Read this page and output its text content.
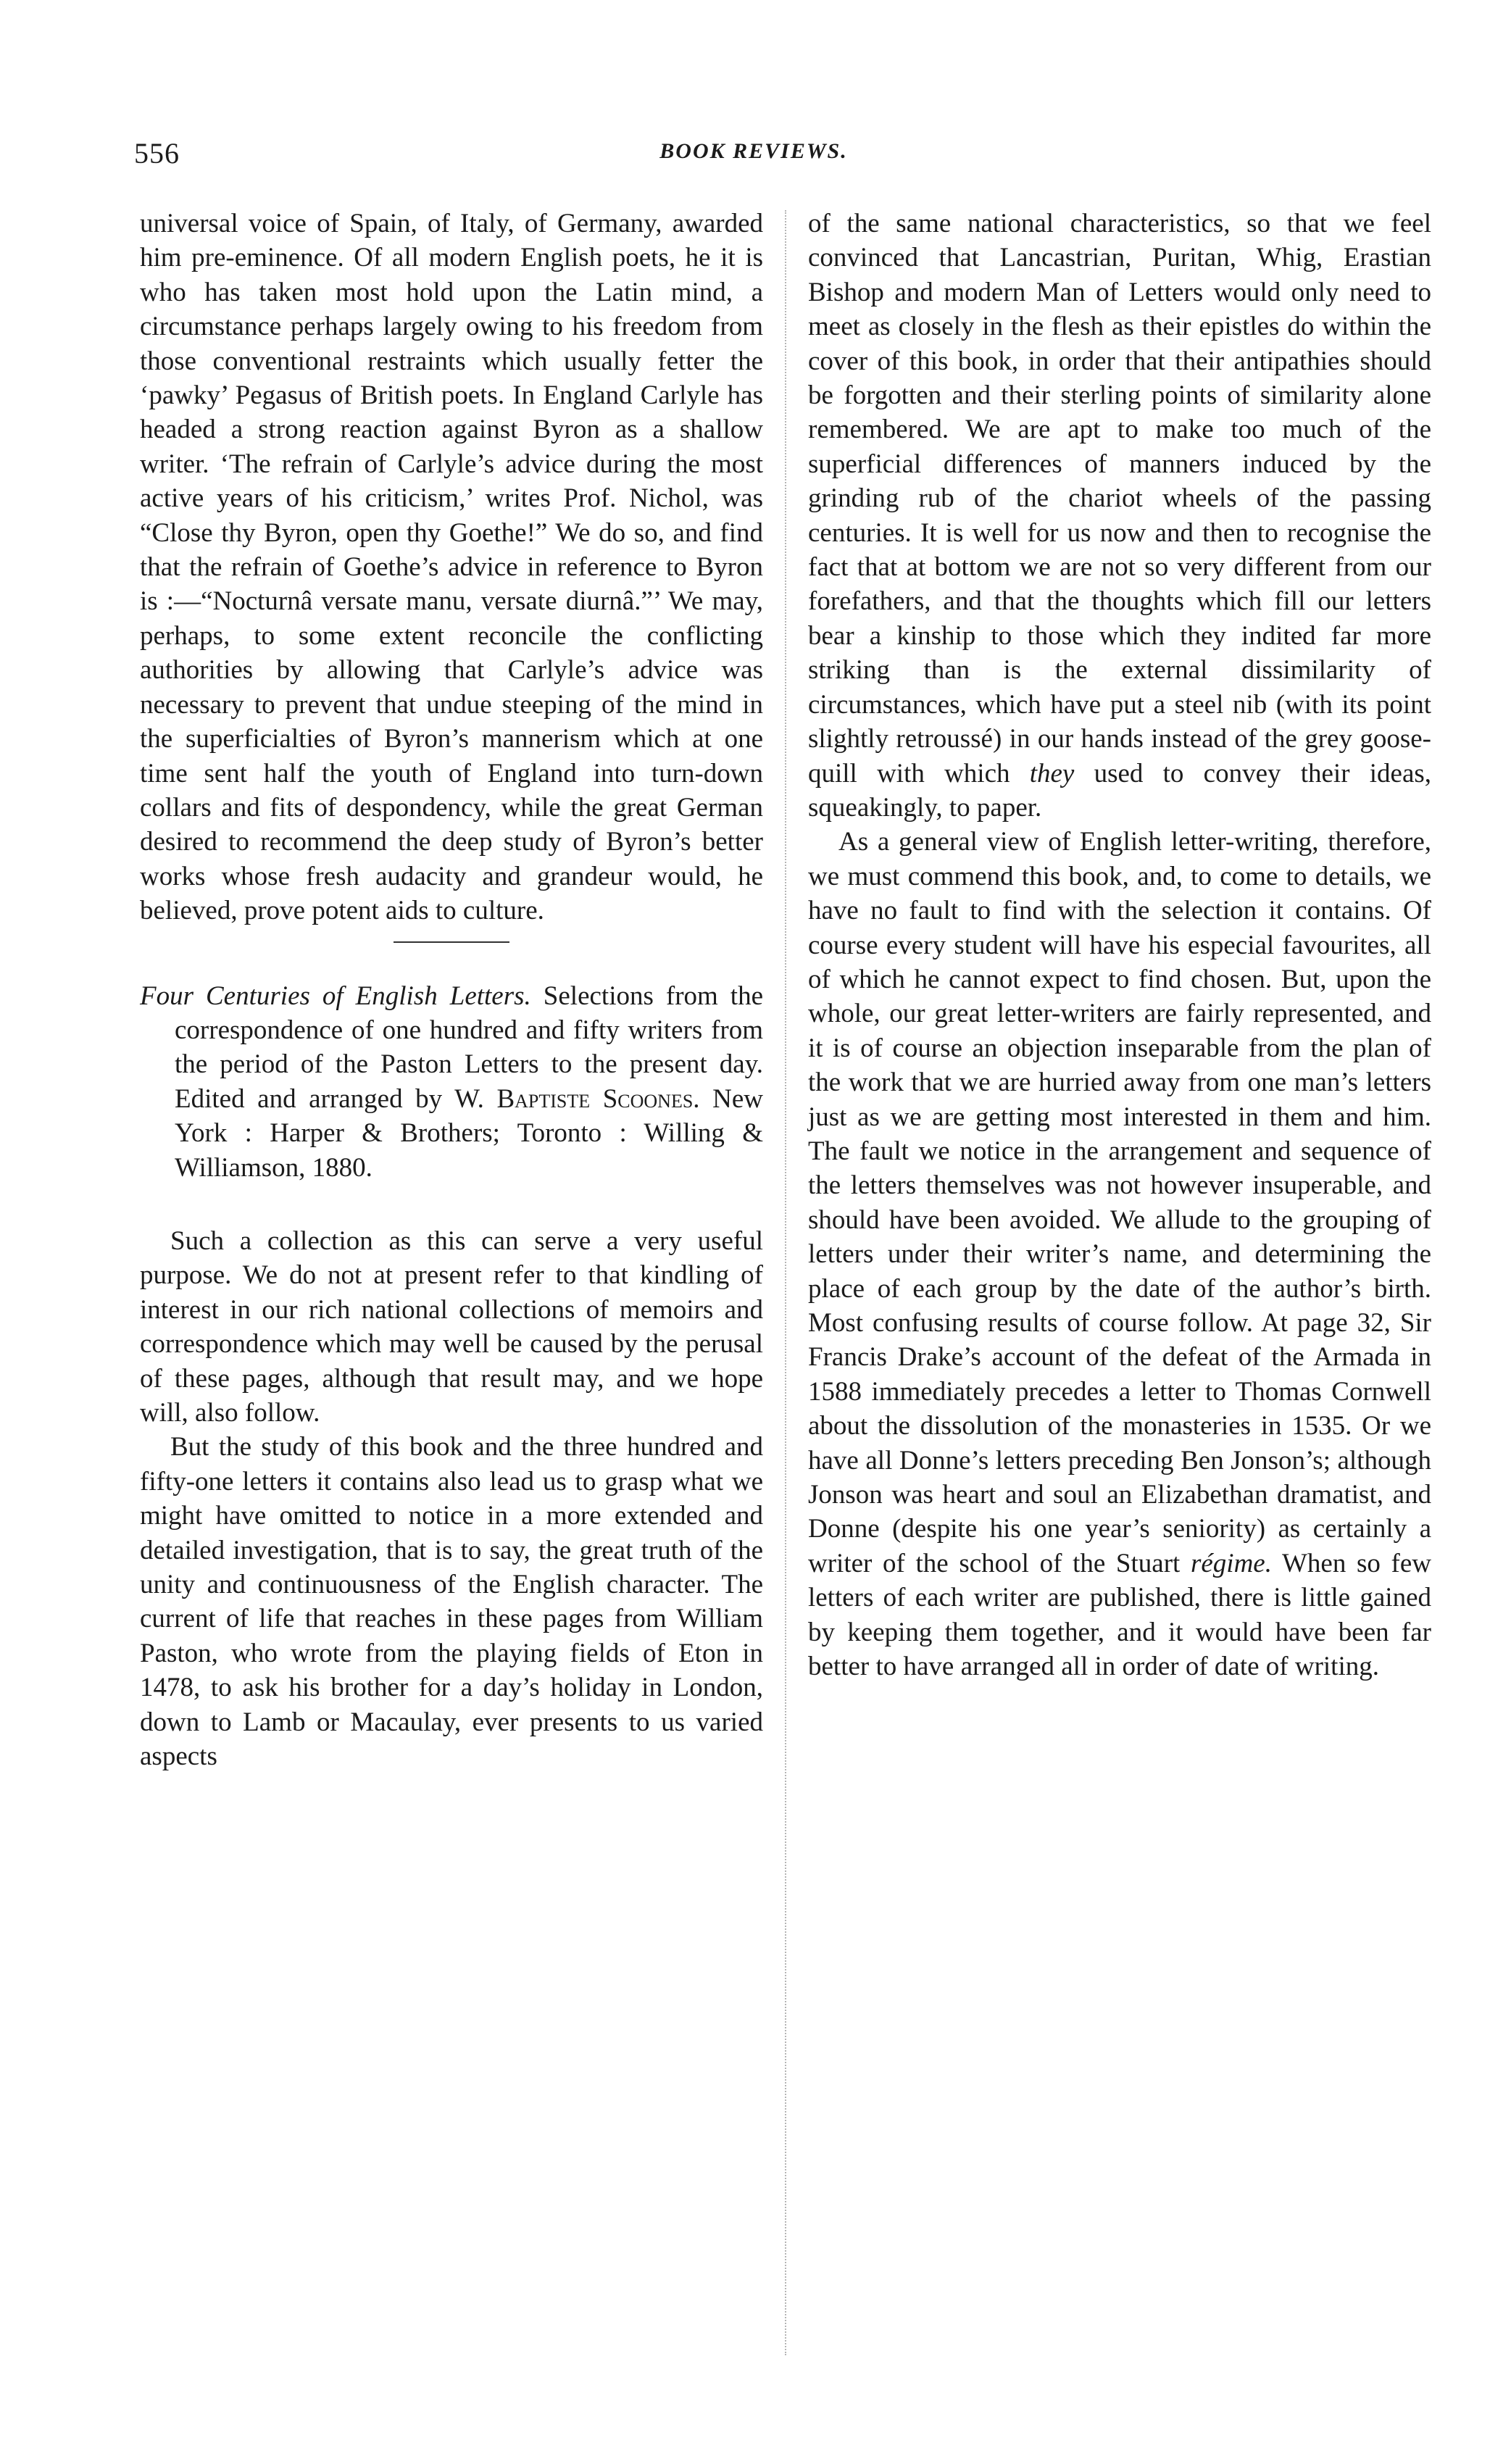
556	BOOK REVIEWS.

universal voice of Spain, of Italy, of Germany, awarded him pre-eminence. Of all modern English poets, he it is who has taken most hold upon the Latin mind, a circumstance perhaps largely owing to his freedom from those conventional restraints which usually fetter the ‘pawky’ Pegasus of British poets. In England Carlyle has headed a strong reaction against Byron as a shallow writer. ‘The refrain of Carlyle’s advice during the most active years of his criticism,’ writes Prof. Nichol, was “Close thy Byron, open thy Goethe!” We do so, and find that the refrain of Goethe’s advice in reference to Byron is :—“Nocturnâ versate manu, versate diurnâ.”’ We may, perhaps, to some extent reconcile the conflicting authorities by allowing that Carlyle’s advice was necessary to prevent that undue steeping of the mind in the superficialties of Byron’s mannerism which at one time sent half the youth of England into turn-down collars and fits of despondency, while the great German desired to recommend the deep study of Byron’s better works whose fresh audacity and grandeur would, he believed, prove potent aids to culture.

Four Centuries of English Letters. Selections from the correspondence of one hundred and fifty writers from the period of the Paston Letters to the present day. Edited and arranged by W. Baptiste Scoones. New York : Harper & Brothers; Toronto : Willing & Williamson, 1880.

Such a collection as this can serve a very useful purpose. We do not at present refer to that kindling of interest in our rich national collections of memoirs and correspondence which may well be caused by the perusal of these pages, although that result may, and we hope will, also follow.

But the study of this book and the three hundred and fifty-one letters it contains also lead us to grasp what we might have omitted to notice in a more extended and detailed investigation, that is to say, the great truth of the unity and continuousness of the English character. The current of life that reaches in these pages from William Paston, who wrote from the playing fields of Eton in 1478, to ask his brother for a day’s holiday in London, down to Lamb or Macaulay, ever presents to us varied aspects

of the same national characteristics, so that we feel convinced that Lancastrian, Puritan, Whig, Erastian Bishop and modern Man of Letters would only need to meet as closely in the flesh as their epistles do within the cover of this book, in order that their antipathies should be forgotten and their sterling points of similarity alone remembered. We are apt to make too much of the superficial differences of manners induced by the grinding rub of the chariot wheels of the passing centuries. It is well for us now and then to recognise the fact that at bottom we are not so very different from our forefathers, and that the thoughts which fill our letters bear a kinship to those which they indited far more striking than is the external dissimilarity of circumstances, which have put a steel nib (with its point slightly retroussé) in our hands instead of the grey goose-quill with which they used to convey their ideas, squeakingly, to paper.

As a general view of English letter-writing, therefore, we must commend this book, and, to come to details, we have no fault to find with the selection it contains. Of course every student will have his especial favourites, all of which he cannot expect to find chosen. But, upon the whole, our great letter-writers are fairly represented, and it is of course an objection inseparable from the plan of the work that we are hurried away from one man’s letters just as we are getting most interested in them and him. The fault we notice in the arrangement and sequence of the letters themselves was not however insuperable, and should have been avoided. We allude to the grouping of letters under their writer’s name, and determining the place of each group by the date of the author’s birth. Most confusing results of course follow. At page 32, Sir Francis Drake’s account of the defeat of the Armada in 1588 immediately precedes a letter to Thomas Cornwell about the dissolution of the monasteries in 1535. Or we have all Donne’s letters preceding Ben Jonson’s; although Jonson was heart and soul an Elizabethan dramatist, and Donne (despite his one year’s seniority) as certainly a writer of the school of the Stuart régime. When so few letters of each writer are published, there is little gained by keeping them together, and it would have been far better to have arranged all in order of date of writing.
